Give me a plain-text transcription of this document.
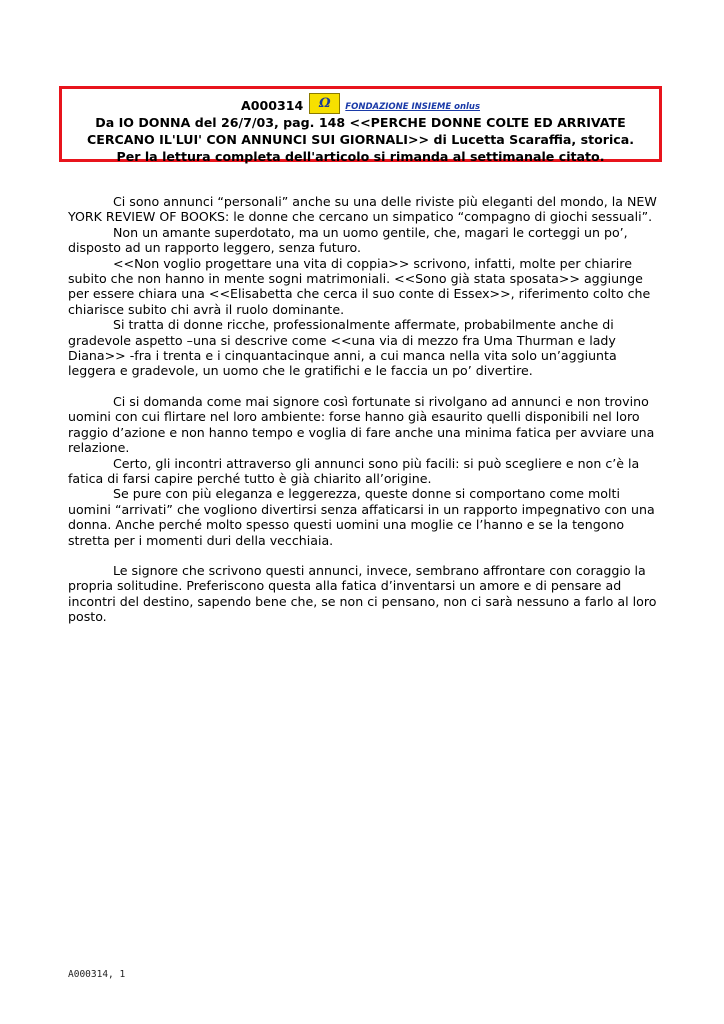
A000314	Ω	FONDAZIONE INSIEME onlus
Da IO DONNA del 26/7/03, pag. 148 <<PERCHE DONNE COLTE ED ARRIVATE
CERCANO IL'LUI' CON ANNUNCI SUI GIORNALI>> di Lucetta Scaraffia, storica.
Per la lettura completa dell'articolo si rimanda al settimanale citato.

Ci sono annunci “personali” anche su una delle riviste più eleganti del mondo, la NEW YORK REVIEW OF BOOKS: le donne che cercano un simpatico “compagno di giochi sessuali”.

Non un amante superdotato, ma un uomo gentile, che, magari le corteggi un po’, disposto ad un rapporto leggero, senza futuro.

<<Non voglio progettare una vita di coppia>> scrivono, infatti, molte per chiarire subito che non hanno in mente sogni matrimoniali. <<Sono già stata sposata>> aggiunge per essere chiara una <<Elisabetta che cerca il suo conte di Essex>>, riferimento colto che chiarisce subito chi avrà il ruolo dominante.

Si tratta di donne ricche, professionalmente affermate, probabilmente anche di gradevole aspetto –una si descrive come <<una via di mezzo fra Uma Thurman e lady Diana>> -fra i trenta e i cinquantacinque anni, a cui manca nella vita solo un’aggiunta leggera e gradevole, un uomo che le gratifichi e le faccia un po’ divertire.

Ci si domanda come mai signore così fortunate si rivolgano ad annunci e non trovino uomini con cui flirtare nel loro ambiente: forse hanno già esaurito quelli disponibili nel loro raggio d’azione e non hanno tempo e voglia di fare anche una minima fatica per avviare una relazione.

Certo, gli incontri attraverso gli annunci sono più facili: si può scegliere e non c’è la fatica di farsi capire perché tutto è già chiarito all’origine.

Se pure con più eleganza e leggerezza, queste donne si comportano come molti uomini “arrivati” che vogliono divertirsi senza affaticarsi in un rapporto impegnativo con una donna. Anche perché molto spesso questi uomini una moglie ce l’hanno e se la tengono stretta per i momenti duri della vecchiaia.

Le signore che scrivono questi annunci, invece, sembrano affrontare con coraggio la propria solitudine. Preferiscono questa alla fatica d’inventarsi un amore e di pensare ad incontri del destino, sapendo bene che, se non ci pensano, non ci sarà nessuno a farlo al loro posto.

A000314, 1
